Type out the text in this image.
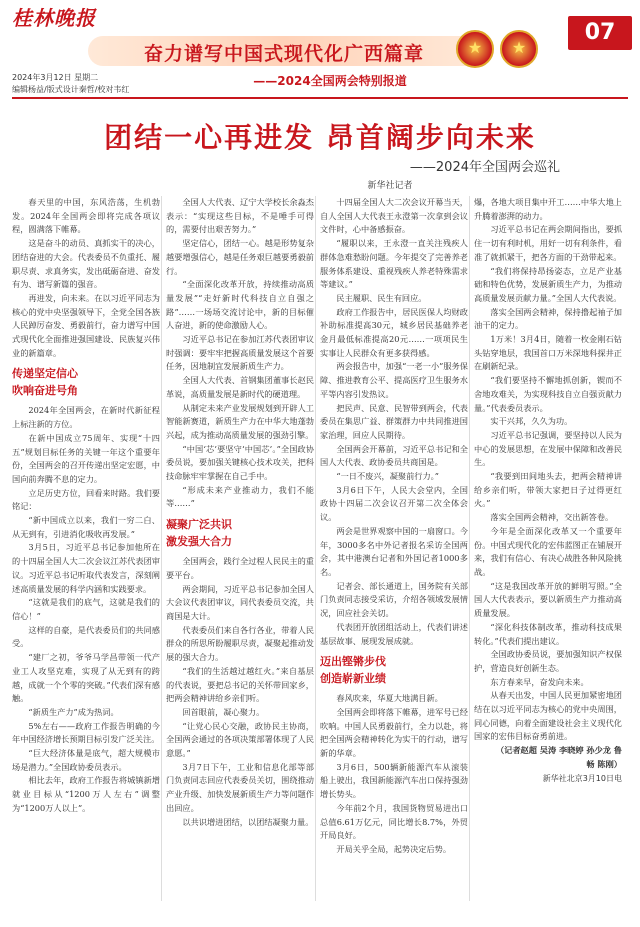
桂林晚报
奋力谱写中国式现代化广西篇章	★	★
——2024全国两会特别报道
07
2024年3月12日 星期二
编辑杨益/版式设计秦哲/校对韦红
团结一心再进发 昂首阔步向未来
——2024年全国两会巡礼
新华社记者

春天里的中国，东风浩荡，生机勃发。2024年全国两会即将完成各项议程，圆满落下帷幕。

这是奋斗的动员、真抓实干的决心，团结奋进的大会。代表委员不负重托、履职尽责、求真务实，发出砥砺奋进、奋发有为、谱写新篇的强音。

再进发，向未来。在以习近平同志为核心的党中央坚强领导下，全党全国各族人民踔厉奋发、勇毅前行，奋力谱写中国式现代化全面推进强国建设、民族复兴伟业的新篇章。

传递坚定信心
吹响奋进号角

2024年全国两会，在新时代新征程上标注新的方位。

在新中国成立75周年、实现“十四五”规划目标任务的关键一年这个重要年份，全国两会的召开传递出坚定宏愿，中国向前奔腾不息的定力。

立足历史方位，回看来时路。我们要铭记：

“新中国成立以来，我们一穷二白、从无到有，引进消化吸收再发展。”

3月5日，习近平总书记参加他所在的十四届全国人大二次会议江苏代表团审议。习近平总书记听取代表发言，深刻阐述高质量发展的科学内涵和实践要求。

“这就是我们的底气，这就是我们的信心！”

这样的自豪，是代表委员们的共同感受。

“建厂之初，爷爷马学昌带领一代产业工人攻坚克难，实现了从无到有的跨越，成就一个个零的突破。”代表们深有感触。

“新质生产力”成为热词。

5%左右——政府工作报告明确的今年中国经济增长预期目标引发广泛关注。

“巨大经济体量是底气，超大规模市场是潜力。”全国政协委员表示。

相比去年，政府工作报告将城镇新增就业目标从“1200万人左右”调整为“1200万人以上”。

全国人大代表、辽宁大学校长余淼杰表示：“实现这些目标，不是唾手可得的，需要付出艰苦努力。”

坚定信心，团结一心。越是形势复杂越要增强信心，越是任务艰巨越要勇毅前行。

“全面深化改革开放，持续推动高质量发展”“走好新时代科技自立自强之路”……一场场交流讨论中，新的目标催人奋进，新的使命激励人心。

习近平总书记在参加江苏代表团审议时强调：要牢牢把握高质量发展这个首要任务，因地制宜发展新质生产力。

全国人大代表、首钢集团董事长赵民革说，高质量发展是新时代的硬道理。

从制定未来产业发展规划到开辟人工智能新赛道，新质生产力在中华大地蓬勃兴起，成为推动高质量发展的强劲引擎。

“中国‘芯’要坚守‘中国芯’。”全国政协委员说，要加强关键核心技术攻关，把科技命脉牢牢掌握在自己手中。

“形成未来产业推动力，我们不能等……”

凝聚广泛共识
激发强大合力

全国两会，践行全过程人民民主的重要平台。

两会期间，习近平总书记参加全国人大会议代表团审议，同代表委员交流，共商国是大计。

代表委员们来自各行各业，带着人民群众的所思所盼履职尽责，凝聚起推动发展的强大合力。

“我们的生活越过越红火。”来自基层的代表说，要把总书记的关怀带回家乡，把两会精神讲给乡亲们听。

回首眼前，凝心聚力。

“让党心民心交融，政协民主协商，全国两会通过的各项决策部署体现了人民意愿。”

3月7日下午，工业和信息化部等部门负责同志回应代表委员关切，围绕推动产业升级、加快发展新质生产力等问题作出回应。

以共识增进团结，以团结凝聚力量。

十四届全国人大二次会议开幕当天，自人全国人大代表王永澄第一次拿到会议文件时，心中备感振奋。

“履职以来，王永澄一直关注残疾人群体急难愁盼问题。今年提交了完善养老服务体系建设、重视残疾人养老特殊需求等建议。”

民主履职、民生有回应。

政府工作报告中，居民医保人均财政补助标准提高30元，城乡居民基础养老金月最低标准提高20元……一项项民生实事让人民群众有更多获得感。

两会报告中，加强“一老一小”服务保障、推进教育公平、提高医疗卫生服务水平等内容引发热议。

把民声、民意、民智带到两会，代表委员在集思广益、群策群力中共同推进国家治理，回应人民期待。

全国两会开幕前，习近平总书记和全国人大代表、政协委员共商国是。

“一日不废兴，凝聚前行力。”

3月6日下午，人民大会堂内，全国政协十四届二次会议召开第二次全体会议。

两会是世界观察中国的一扇窗口。今年，3000多名中外记者报名采访全国两会，其中港澳台记者和外国记者1000多名。

记者会、部长通道上，国务院有关部门负责同志接受采访，介绍各领域发展情况，回应社会关切。

代表团开放团组活动上，代表们讲述基层故事、展现发展成就。

迈出铿锵步伐
创造崭新业绩

春风吹来，华夏大地满目新。

全国两会即将落下帷幕，进军号已经吹响。中国人民勇毅前行，全力以赴，将把全国两会精神转化为实干的行动，谱写新的华章。

3月6日，500辆新能源汽车从滚装船上驶出，我国新能源汽车出口保持强劲增长势头。

今年前2个月，我国货物贸易进出口总值6.61万亿元，同比增长8.7%，外贸开局良好。

开局关乎全局，起势决定后势。

爆，各地大项目集中开工……中华大地上升腾着澎湃的动力。

习近平总书记在两会期间指出，要抓住一切有利时机，用好一切有利条件，看准了就抓紧干，把各方面的干劲带起来。

“我们将保持昂扬姿态，立足产业基础和特色优势，发展新质生产力，为推动高质量发展贡献力量。”全国人大代表说。

落实全国两会精神，保持撸起袖子加油干的定力。

1万米！3月4日，随着一枚金刚石钻头钻穿地层，我国首口万米深地科探井正在刷新纪录。

“我们要坚持不懈地抓创新，锲而不舍地攻难关，为实现科技自立自强贡献力量。”代表委员表示。

实干兴邦，久久为功。

习近平总书记强调，要坚持以人民为中心的发展思想，在发展中保障和改善民生。

“我要到田间地头去，把两会精神讲给乡亲们听，带领大家把日子过得更红火。”

落实全国两会精神，交出新答卷。

今年是全面深化改革又一个重要年份。中国式现代化的宏伟蓝图正在铺展开来，我们有信心、有决心战胜各种风险挑战。

“这是我国改革开放的鲜明写照。”全国人大代表表示，要以新质生产力推动高质量发展。

“深化科技体制改革，推动科技成果转化。”代表们提出建议。

全国政协委员说，要加强知识产权保护，营造良好创新生态。

东方春来早，奋发向未来。

从春天出发，中国人民更加紧密地团结在以习近平同志为核心的党中央周围，同心同德，向着全面建设社会主义现代化国家的宏伟目标奋勇前进。

（记者赵超 吴涛 李晓婷 孙少龙 鲁畅 陈刚）

新华社北京3月10日电
